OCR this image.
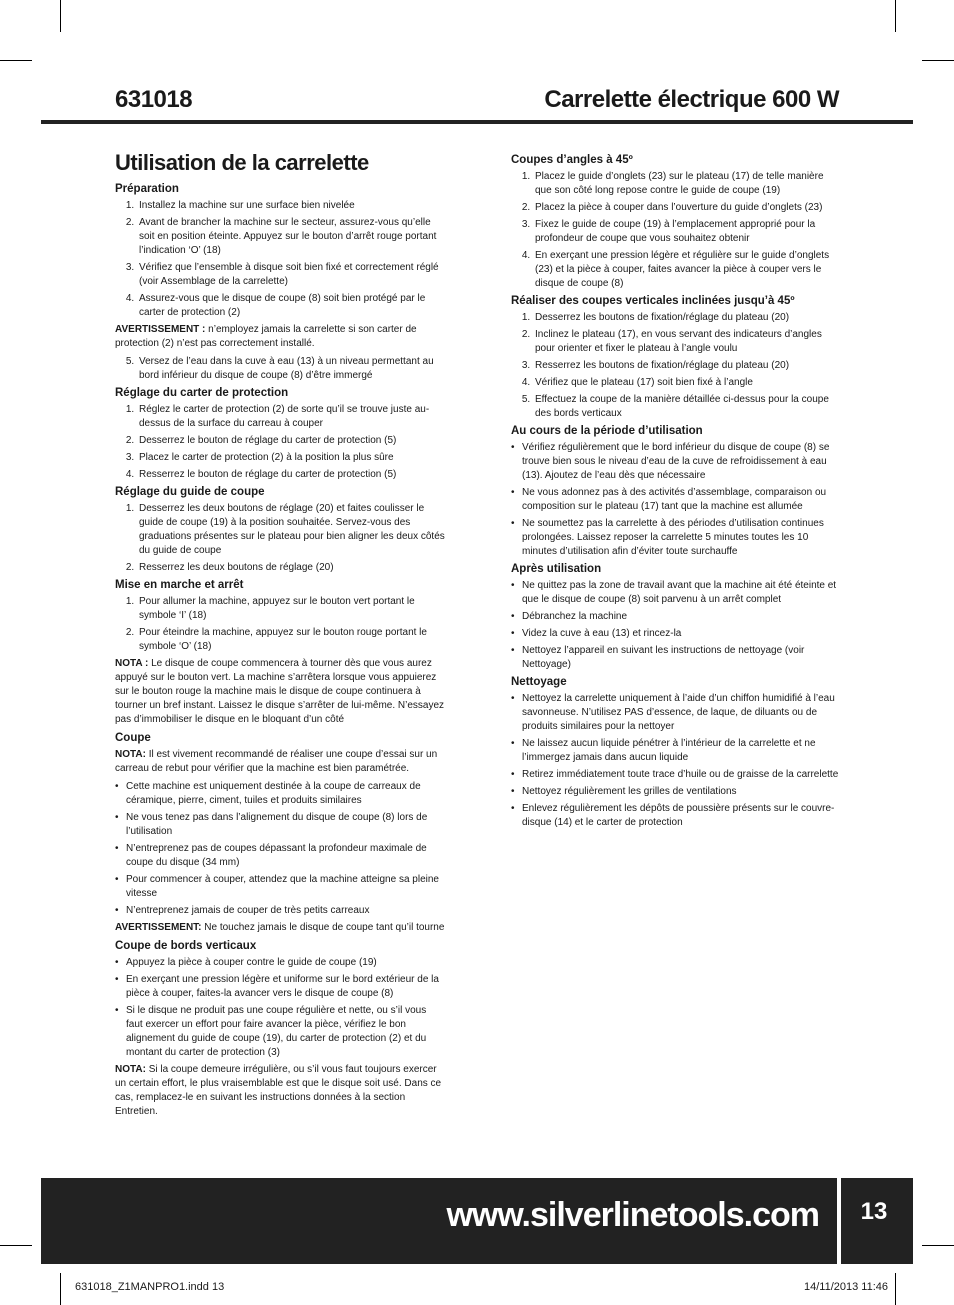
631018	Carrelette électrique 600 W
Utilisation de la carrelette
Préparation
1. Installez la machine sur une surface bien nivelée
2. Avant de brancher la machine sur le secteur, assurez-vous qu’elle soit en position éteinte. Appuyez sur le bouton d’arrêt rouge portant l’indication ‘O’ (18)
3. Vérifiez que l’ensemble à disque soit bien fixé et correctement réglé (voir Assemblage de la carrelette)
4. Assurez-vous que le disque de coupe (8) soit bien protégé par le carter de protection (2)

AVERTISSEMENT : n’employez jamais la carrelette si son carter de protection (2) n’est pas correctement installé.

5. Versez de l’eau dans la cuve à eau (13) à un niveau permettant au bord inférieur du disque de coupe (8) d’être immergé
Réglage du carter de protection
1. Réglez le carter de protection (2) de sorte qu’il se trouve juste au-dessus de la surface du carreau à couper
2. Desserrez le bouton de réglage du carter de protection (5)
3. Placez le carter de protection (2) à la position la plus sûre
4. Resserrez le bouton de réglage du carter de protection (5)
Réglage du guide de coupe
1. Desserrez les deux boutons de réglage (20) et faites coulisser le guide de coupe (19) à la position souhaitée. Servez-vous des graduations présentes sur le plateau pour bien aligner les deux côtés du guide de coupe
2. Resserrez les deux boutons de réglage (20)
Mise en marche et arrêt
1. Pour allumer la machine, appuyez sur le bouton vert portant le symbole ‘I’ (18)
2. Pour éteindre la machine, appuyez sur le bouton rouge portant le symbole ‘O’ (18)

NOTA : Le disque de coupe commencera à tourner dès que vous aurez appuyé sur le bouton vert. La machine s’arrêtera lorsque vous appuierez sur le bouton rouge la machine mais le disque de coupe continuera à tourner un bref instant. Laissez le disque s’arrêter de lui-même. N’essayez pas d’immobiliser le disque en le bloquant d’un côté

Coupe

NOTA: Il est vivement recommandé de réaliser une coupe d’essai sur un carreau de rebut pour vérifier que la machine est bien paramétrée.

• Cette machine est uniquement destinée à la coupe de carreaux de céramique, pierre, ciment, tuiles et produits similaires
• Ne vous tenez pas dans l’alignement du disque de coupe (8) lors de l’utilisation
• N’entreprenez pas de coupes dépassant la profondeur maximale de coupe du disque (34 mm)
• Pour commencer à couper, attendez que la machine atteigne sa pleine vitesse
• N’entreprenez jamais de couper de très petits carreaux

AVERTISSEMENT: Ne touchez jamais le disque de coupe tant qu’il tourne

Coupe de bords verticaux
• Appuyez la pièce à couper contre le guide de coupe (19)
• En exerçant une pression légère et uniforme sur le bord extérieur de la pièce à couper, faites-la avancer vers le disque de coupe (8)
• Si le disque ne produit pas une coupe régulière et nette, ou s’il vous faut exercer un effort pour faire avancer la pièce, vérifiez le bon alignement du guide de coupe (19), du carter de protection (2) et du montant du carter de protection (3)

NOTA: Si la coupe demeure irrégulière, ou s’il vous faut toujours exercer un certain effort, le plus vraisemblable est que le disque soit usé. Dans ce cas, remplacez-le en suivant les instructions données à la section Entretien.

Coupes d’angles à 45º
1. Placez le guide d’onglets (23) sur le plateau (17) de telle manière que son côté long repose contre le guide de coupe (19)
2. Placez la pièce à couper dans l’ouverture du guide d’onglets (23)
3. Fixez le guide de coupe (19) à l’emplacement approprié pour la profondeur de coupe que vous souhaitez obtenir
4. En exerçant une pression légère et régulière sur le guide d’onglets (23) et la pièce à couper, faites avancer la pièce à couper vers le disque de coupe (8)
Réaliser des coupes verticales inclinées jusqu’à 45º
1. Desserrez les boutons de fixation/réglage du plateau (20)
2. Inclinez le plateau (17), en vous servant des indicateurs d’angles pour orienter et fixer le plateau à l’angle voulu
3. Resserrez les boutons de fixation/réglage du plateau (20)
4. Vérifiez que le plateau (17) soit bien fixé à l’angle
5. Effectuez la coupe de la manière détaillée ci-dessus pour la coupe des bords verticaux
Au cours de la période d’utilisation
• Vérifiez régulièrement que le bord inférieur du disque de coupe (8) se trouve bien sous le niveau d’eau de la cuve de refroidissement à eau (13). Ajoutez de l’eau dès que nécessaire
• Ne vous adonnez pas à des activités d’assemblage, comparaison ou composition sur le plateau (17) tant que la machine est allumée
• Ne soumettez pas la carrelette à des périodes d’utilisation continues prolongées. Laissez reposer la carrelette 5 minutes toutes les 10 minutes d’utilisation afin d’éviter toute surchauffe
Après utilisation
• Ne quittez pas la zone de travail avant que la machine ait été éteinte et que le disque de coupe (8) soit parvenu à un arrêt complet
• Débranchez la machine
• Videz la cuve à eau (13) et rincez-la
• Nettoyez l’appareil en suivant les instructions de nettoyage (voir Nettoyage)
Nettoyage
• Nettoyez la carrelette uniquement à l’aide d’un chiffon humidifié à l’eau savonneuse. N’utilisez PAS d’essence, de laque, de diluants ou de produits similaires pour la nettoyer
• Ne laissez aucun liquide pénétrer à l’intérieur de la carrelette et ne l’immergez jamais dans aucun liquide
• Retirez immédiatement toute trace d’huile ou de graisse de la carrelette
• Nettoyez régulièrement les grilles de ventilations
• Enlevez régulièrement les dépôts de poussière présents sur le couvre-disque (14) et le carter de protection
www.silverlinetools.com	13
631018_Z1MANPRO1.indd 13	14/11/2013 11:46
